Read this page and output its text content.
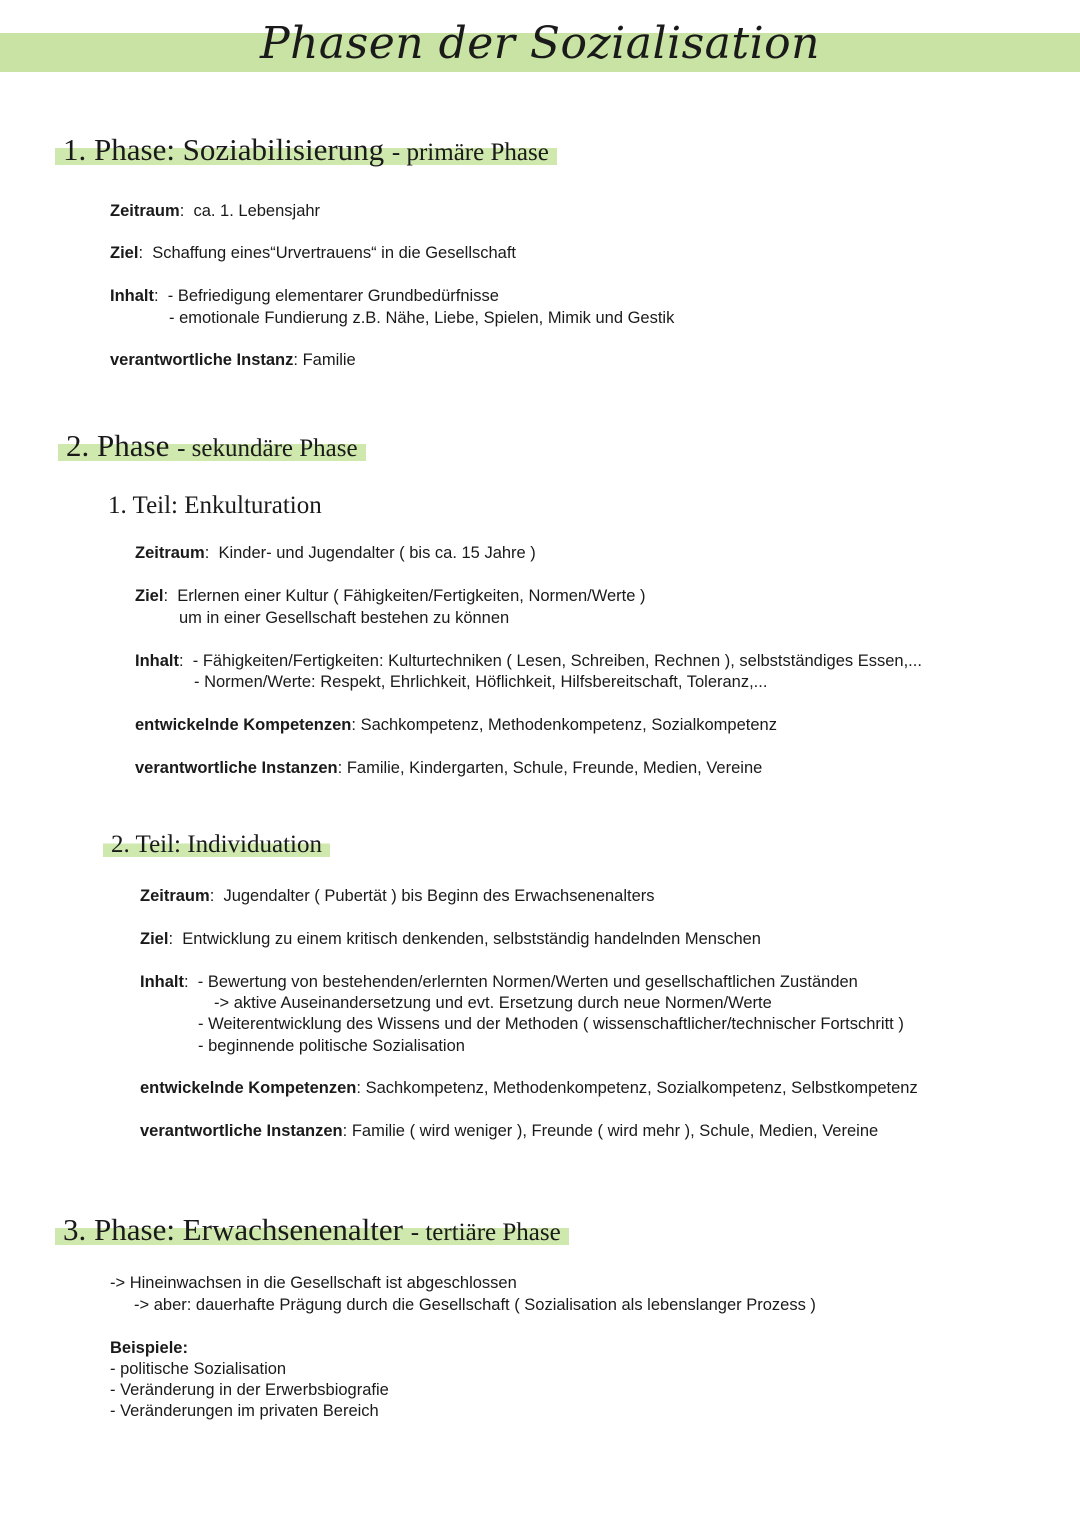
Phasen der Sozialisation
1. Phase: Soziabilisierung - primäre Phase
Zeitraum:  ca. 1. Lebensjahr
Ziel:  Schaffung eines“Urvertrauens“ in die Gesellschaft
Inhalt:  - Befriedigung elementarer Grundbedürfnisse
- emotionale Fundierung z.B. Nähe, Liebe, Spielen, Mimik und Gestik
verantwortliche Instanz: Familie
2. Phase - sekundäre Phase
1. Teil: Enkulturation
Zeitraum:  Kinder- und Jugendalter ( bis ca. 15 Jahre )
Ziel:  Erlernen einer Kultur ( Fähigkeiten/Fertigkeiten, Normen/Werte )
um in einer Gesellschaft bestehen zu können
Inhalt:  - Fähigkeiten/Fertigkeiten: Kulturtechniken ( Lesen, Schreiben, Rechnen ), selbstständiges Essen,...
- Normen/Werte: Respekt, Ehrlichkeit, Höflichkeit, Hilfsbereitschaft, Toleranz,...
entwickelnde Kompetenzen: Sachkompetenz, Methodenkompetenz, Sozialkompetenz
verantwortliche Instanzen: Familie, Kindergarten, Schule, Freunde, Medien, Vereine
2. Teil: Individuation
Zeitraum:  Jugendalter ( Pubertät ) bis Beginn des Erwachsenenalters
Ziel:  Entwicklung zu einem kritisch denkenden, selbstständig handelnden Menschen
Inhalt:  - Bewertung von bestehenden/erlernten Normen/Werten und gesellschaftlichen Zuständen
-> aktive Auseinandersetzung und evt. Ersetzung durch neue Normen/Werte
- Weiterentwicklung des Wissens und der Methoden ( wissenschaftlicher/technischer Fortschritt )
- beginnende politische Sozialisation
entwickelnde Kompetenzen: Sachkompetenz, Methodenkompetenz, Sozialkompetenz, Selbstkompetenz
verantwortliche Instanzen: Familie ( wird weniger ), Freunde ( wird mehr ), Schule, Medien, Vereine
3. Phase: Erwachsenenalter - tertiäre Phase
-> Hineinwachsen in die Gesellschaft ist abgeschlossen
-> aber: dauerhafte Prägung durch die Gesellschaft ( Sozialisation als lebenslanger Prozess )
Beispiele:
- politische Sozialisation
- Veränderung in der Erwerbsbiografie
- Veränderungen im privaten Bereich
